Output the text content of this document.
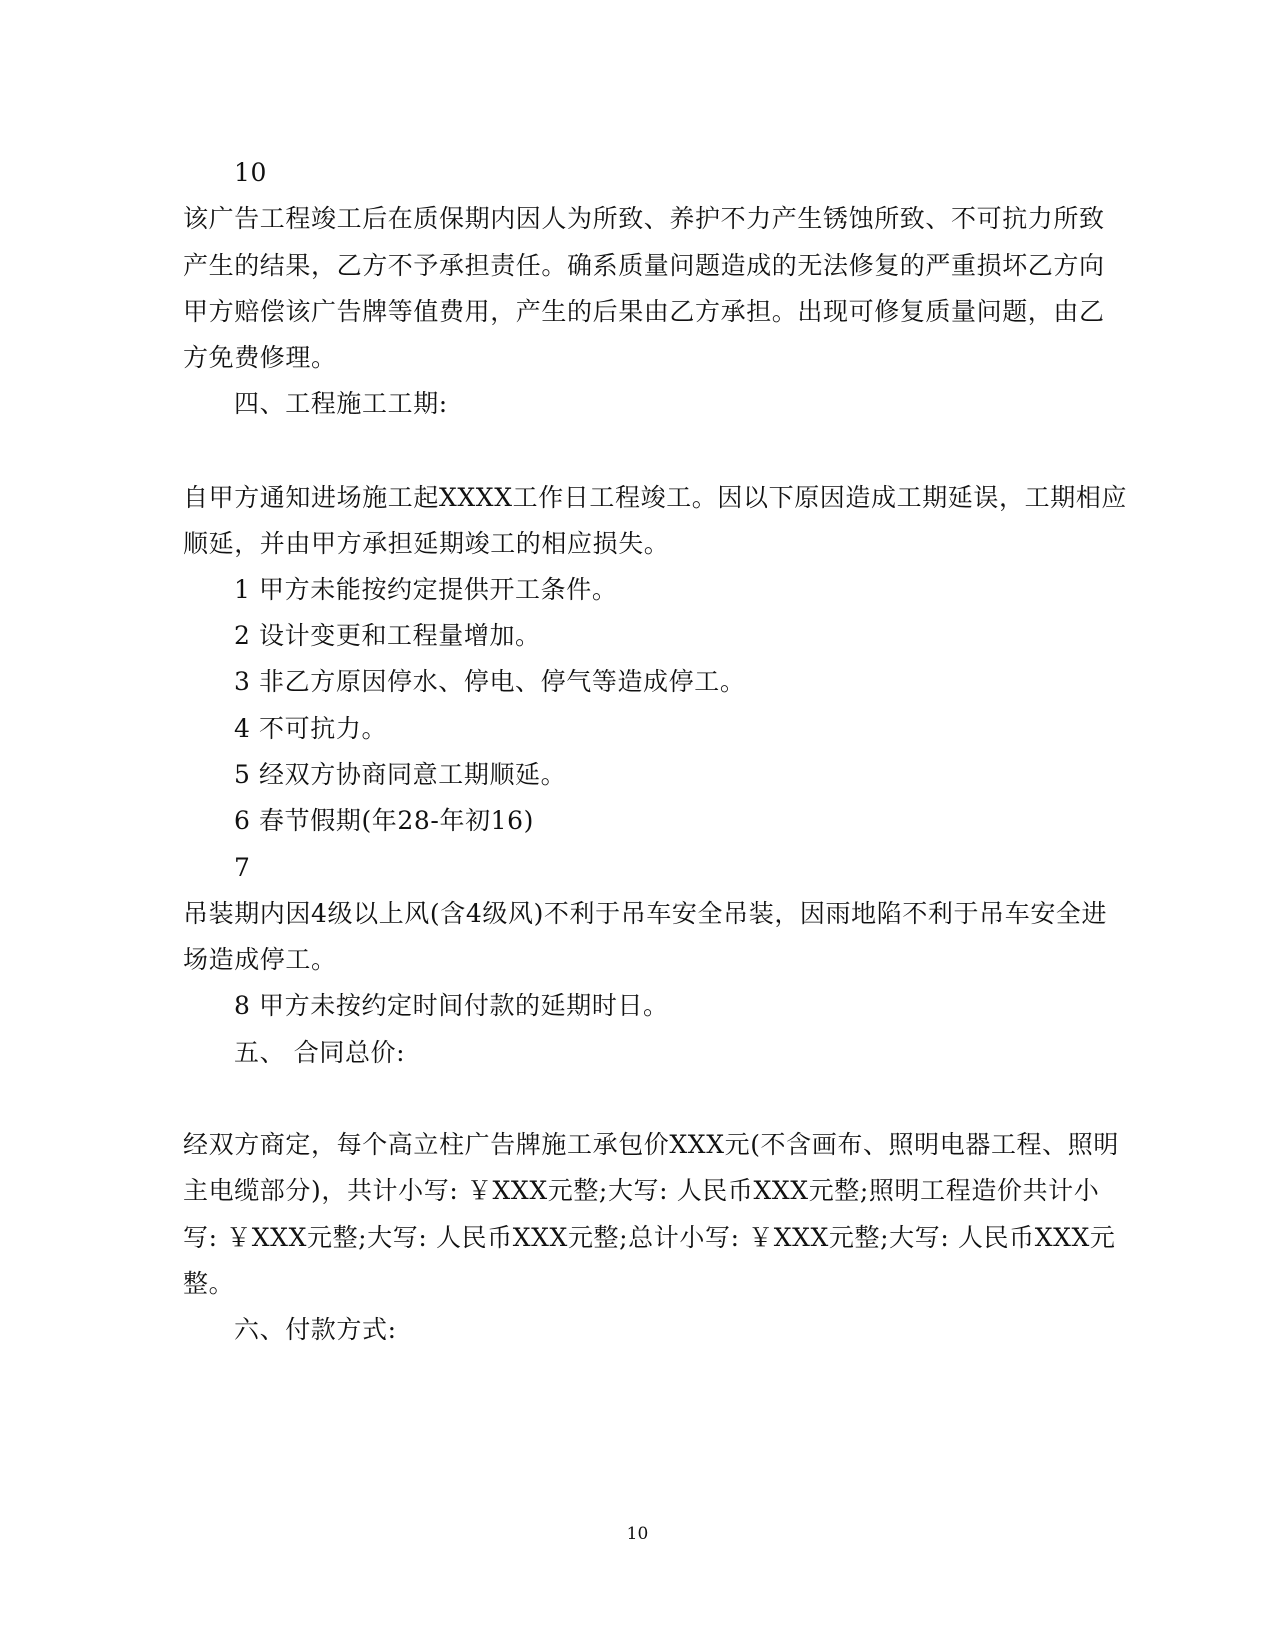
10
该广告工程竣工后在质保期内因人为所致、养护不力产生锈蚀所致、不可抗力所致
产生的结果，乙方不予承担责任。确系质量问题造成的无法修复的严重损坏乙方向
甲方赔偿该广告牌等值费用，产生的后果由乙方承担。出现可修复质量问题，由乙
方免费修理。
四、工程施工工期:
自甲方通知进场施工起XXXX工作日工程竣工。因以下原因造成工期延误，工期相应
顺延，并由甲方承担延期竣工的相应损失。
1 甲方未能按约定提供开工条件。
2 设计变更和工程量增加。
3 非乙方原因停水、停电、停气等造成停工。
4 不可抗力。
5 经双方协商同意工期顺延。
6 春节假期(年28-年初16)
7
吊装期内因4级以上风(含4级风)不利于吊车安全吊装，因雨地陷不利于吊车安全进
场造成停工。
8 甲方未按约定时间付款的延期时日。
五、 合同总价:
经双方商定，每个高立柱广告牌施工承包价XXX元(不含画布、照明电器工程、照明
主电缆部分)，共计小写: ￥XXX元整;大写: 人民币XXX元整;照明工程造价共计小
写: ￥XXX元整;大写: 人民币XXX元整;总计小写: ￥XXX元整;大写: 人民币XXX元
整。
六、付款方式:
10
